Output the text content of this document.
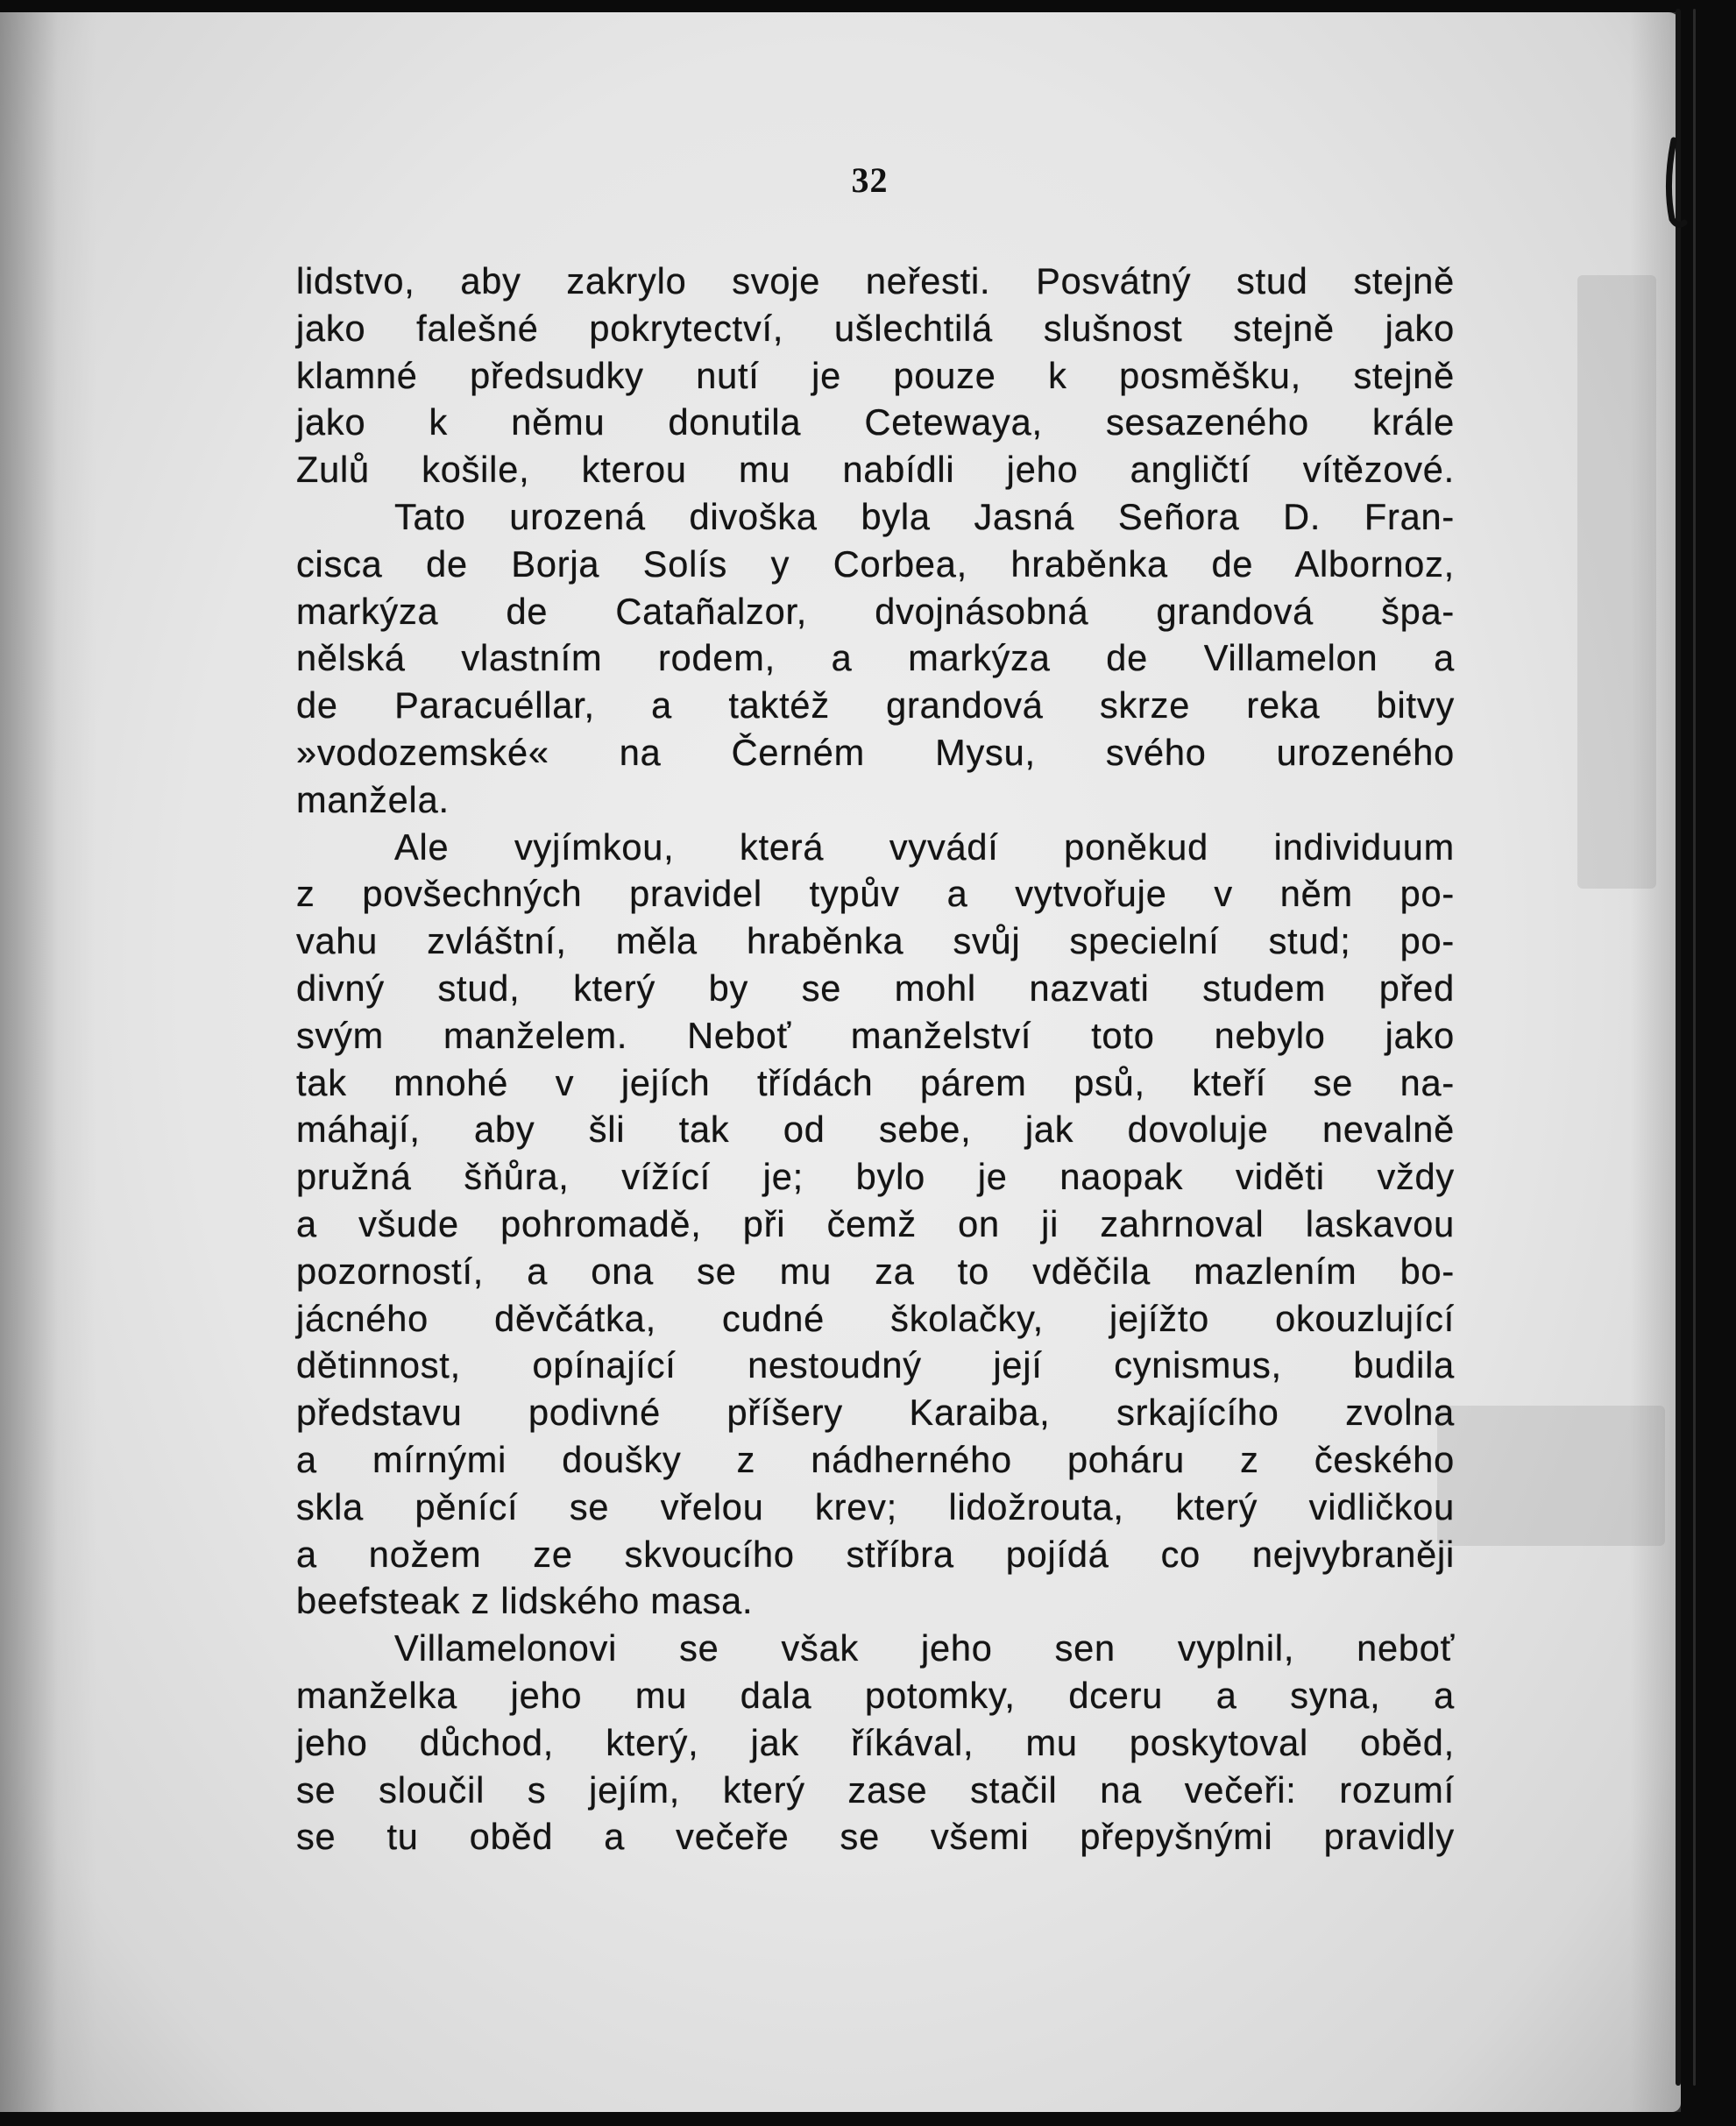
32
lidstvo, aby zakrylo svoje neřesti. Posvátný stud stejně
jako falešné pokrytectví, ušlechtilá slušnost stejně jako
klamné předsudky nutí je pouze k posměšku, stejně
jako k němu donutila Cetewaya, sesazeného krále
Zulů košile, kterou mu nabídli jeho angličtí vítězové.
Tato urozená divoška byla Jasná Señora D. Fran-
cisca de Borja Solís y Corbea, hraběnka de Albornoz,
markýza de Catañalzor, dvojnásobná grandová špa-
nělská vlastním rodem, a markýza de Villamelon a
de Paracuéllar, a taktéž grandová skrze reka bitvy
»vodozemské« na Černém Mysu, svého urozeného
manžela.
Ale vyjímkou, která vyvádí poněkud individuum
z povšechných pravidel typův a vytvořuje v něm po-
vahu zvláštní, měla hraběnka svůj specielní stud; po-
divný stud, který by se mohl nazvati studem před
svým manželem. Neboť manželství toto nebylo jako
tak mnohé v jejích třídách párem psů, kteří se na-
máhají, aby šli tak od sebe, jak dovoluje nevalně
pružná šňůra, vížící je; bylo je naopak viděti vždy
a všude pohromadě, při čemž on ji zahrnoval laskavou
pozorností, a ona se mu za to vděčila mazlením bo-
jácného děvčátka, cudné školačky, jejížto okouzlující
dětinnost, opínající nestoudný její cynismus, budila
představu podivné příšery Karaiba, srkajícího zvolna
a mírnými doušky z nádherného poháru z českého
skla pěnící se vřelou krev; lidožrouta, který vidličkou
a nožem ze skvoucího stříbra pojídá co nejvybraněji
beefsteak z lidského masa.
Villamelonovi se však jeho sen vyplnil, neboť
manželka jeho mu dala potomky, dceru a syna, a
jeho důchod, který, jak říkával, mu poskytoval oběd,
se sloučil s jejím, který zase stačil na večeři: rozumí
se tu oběd a večeře se všemi přepyšnými pravidly
